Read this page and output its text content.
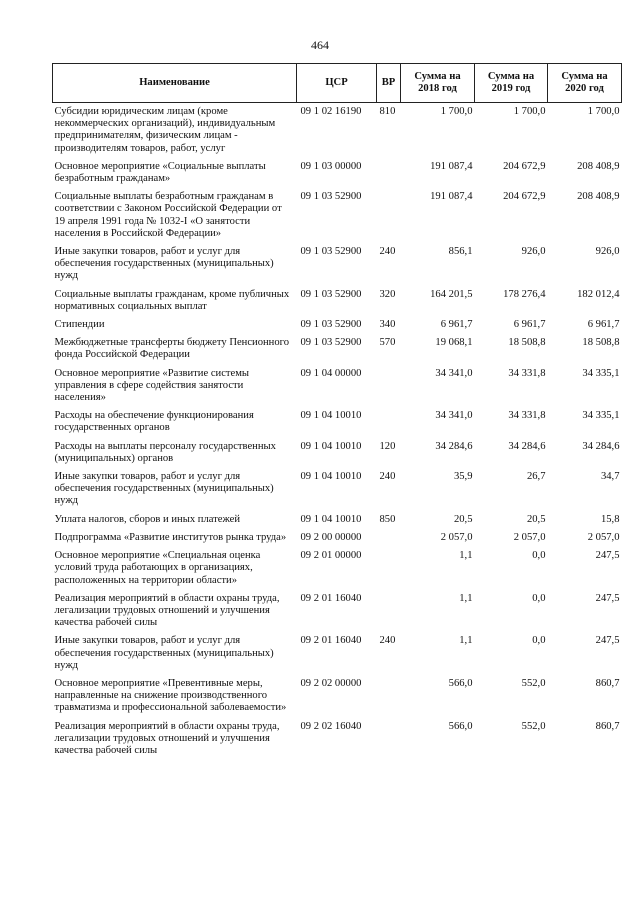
464
Наименование	ЦСР	ВР	Сумма на 2018 год	Сумма на 2019 год	Сумма на 2020 год
Субсидии юридическим лицам (кроме некоммерческих организаций), индивидуальным предпринимателям, физическим лицам - производителям товаров, работ, услуг	09 1 02 16190	810	1 700,0	1 700,0	1 700,0
Основное мероприятие «Социальные выплаты безработным гражданам»	09 1 03 00000		191 087,4	204 672,9	208 408,9
Социальные выплаты безработным гражданам в соответствии с Законом Российской Федерации от 19 апреля 1991 года № 1032-I «О занятости населения в Российской Федерации»	09 1 03 52900		191 087,4	204 672,9	208 408,9
Иные закупки товаров, работ и услуг для обеспечения государственных (муниципальных) нужд	09 1 03 52900	240	856,1	926,0	926,0
Социальные выплаты гражданам, кроме публичных нормативных социальных выплат	09 1 03 52900	320	164 201,5	178 276,4	182 012,4
Стипендии	09 1 03 52900	340	6 961,7	6 961,7	6 961,7
Межбюджетные трансферты бюджету Пенсионного фонда Российской Федерации	09 1 03 52900	570	19 068,1	18 508,8	18 508,8
Основное мероприятие «Развитие системы управления в сфере содействия занятости населения»	09 1 04 00000		34 341,0	34 331,8	34 335,1
Расходы на обеспечение функционирования государственных органов	09 1 04 10010		34 341,0	34 331,8	34 335,1
Расходы на выплаты персоналу государственных (муниципальных) органов	09 1 04 10010	120	34 284,6	34 284,6	34 284,6
Иные закупки товаров, работ и услуг для обеспечения государственных (муниципальных) нужд	09 1 04 10010	240	35,9	26,7	34,7
Уплата налогов, сборов и иных платежей	09 1 04 10010	850	20,5	20,5	15,8
Подпрограмма «Развитие институтов рынка труда»	09 2 00 00000		2 057,0	2 057,0	2 057,0
Основное мероприятие «Специальная оценка условий труда работающих в организациях, расположенных на территории области»	09 2 01 00000		1,1	0,0	247,5
Реализация мероприятий в области охраны труда, легализации трудовых отношений и улучшения качества рабочей силы	09 2 01 16040		1,1	0,0	247,5
Иные закупки товаров, работ и услуг для обеспечения государственных (муниципальных) нужд	09 2 01 16040	240	1,1	0,0	247,5
Основное мероприятие «Превентивные меры, направленные на снижение производственного травматизма и профессиональной заболеваемости»	09 2 02 00000		566,0	552,0	860,7
Реализация мероприятий в области охраны труда, легализации трудовых отношений и улучшения качества рабочей силы	09 2 02 16040		566,0	552,0	860,7
